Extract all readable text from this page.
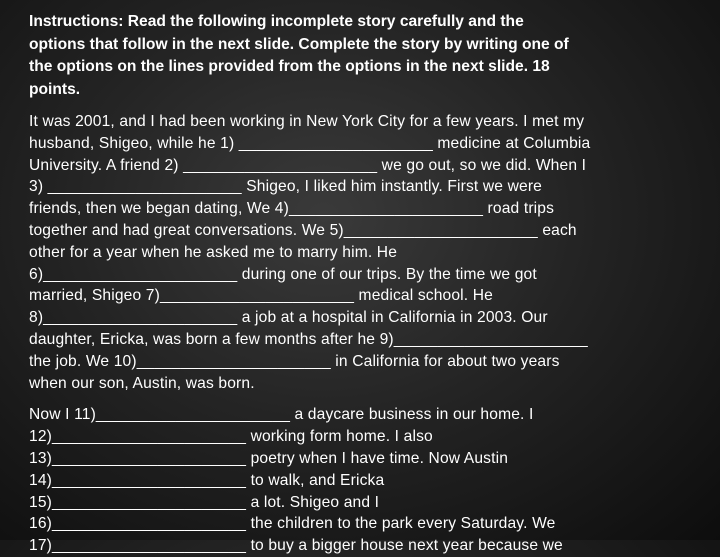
Instructions: Read the following incomplete story carefully and the
options that follow in the next slide. Complete the story by writing one of
the options on the lines provided from the options in the next slide. 18
points.

It was 2001, and I had been working in New York City for a few years. I met my
husband, Shigeo, while he 1) ______________________ medicine at Columbia
University. A friend 2) ______________________ we go out, so we did. When I
3) ______________________ Shigeo, I liked him instantly. First we were
friends, then we began dating, We 4)______________________ road trips
together and had great conversations. We 5)______________________ each
other for a year when he asked me to marry him. He
6)______________________ during one of our trips. By the time we got
married, Shigeo 7)______________________ medical school. He
8)______________________ a job at a hospital in California in 2003. Our
daughter, Ericka, was born a few months after he 9)______________________
the job. We 10)______________________ in California for about two years
when our son, Austin, was born.

Now I 11)______________________ a daycare business in our home. I
12)______________________ working form home. I also
13)______________________ poetry when I have time. Now Austin
14)______________________ to walk, and Ericka
15)______________________ a lot. Shigeo and I
16)______________________ the children to the park every Saturday. We
17)______________________ to buy a bigger house next year because we
